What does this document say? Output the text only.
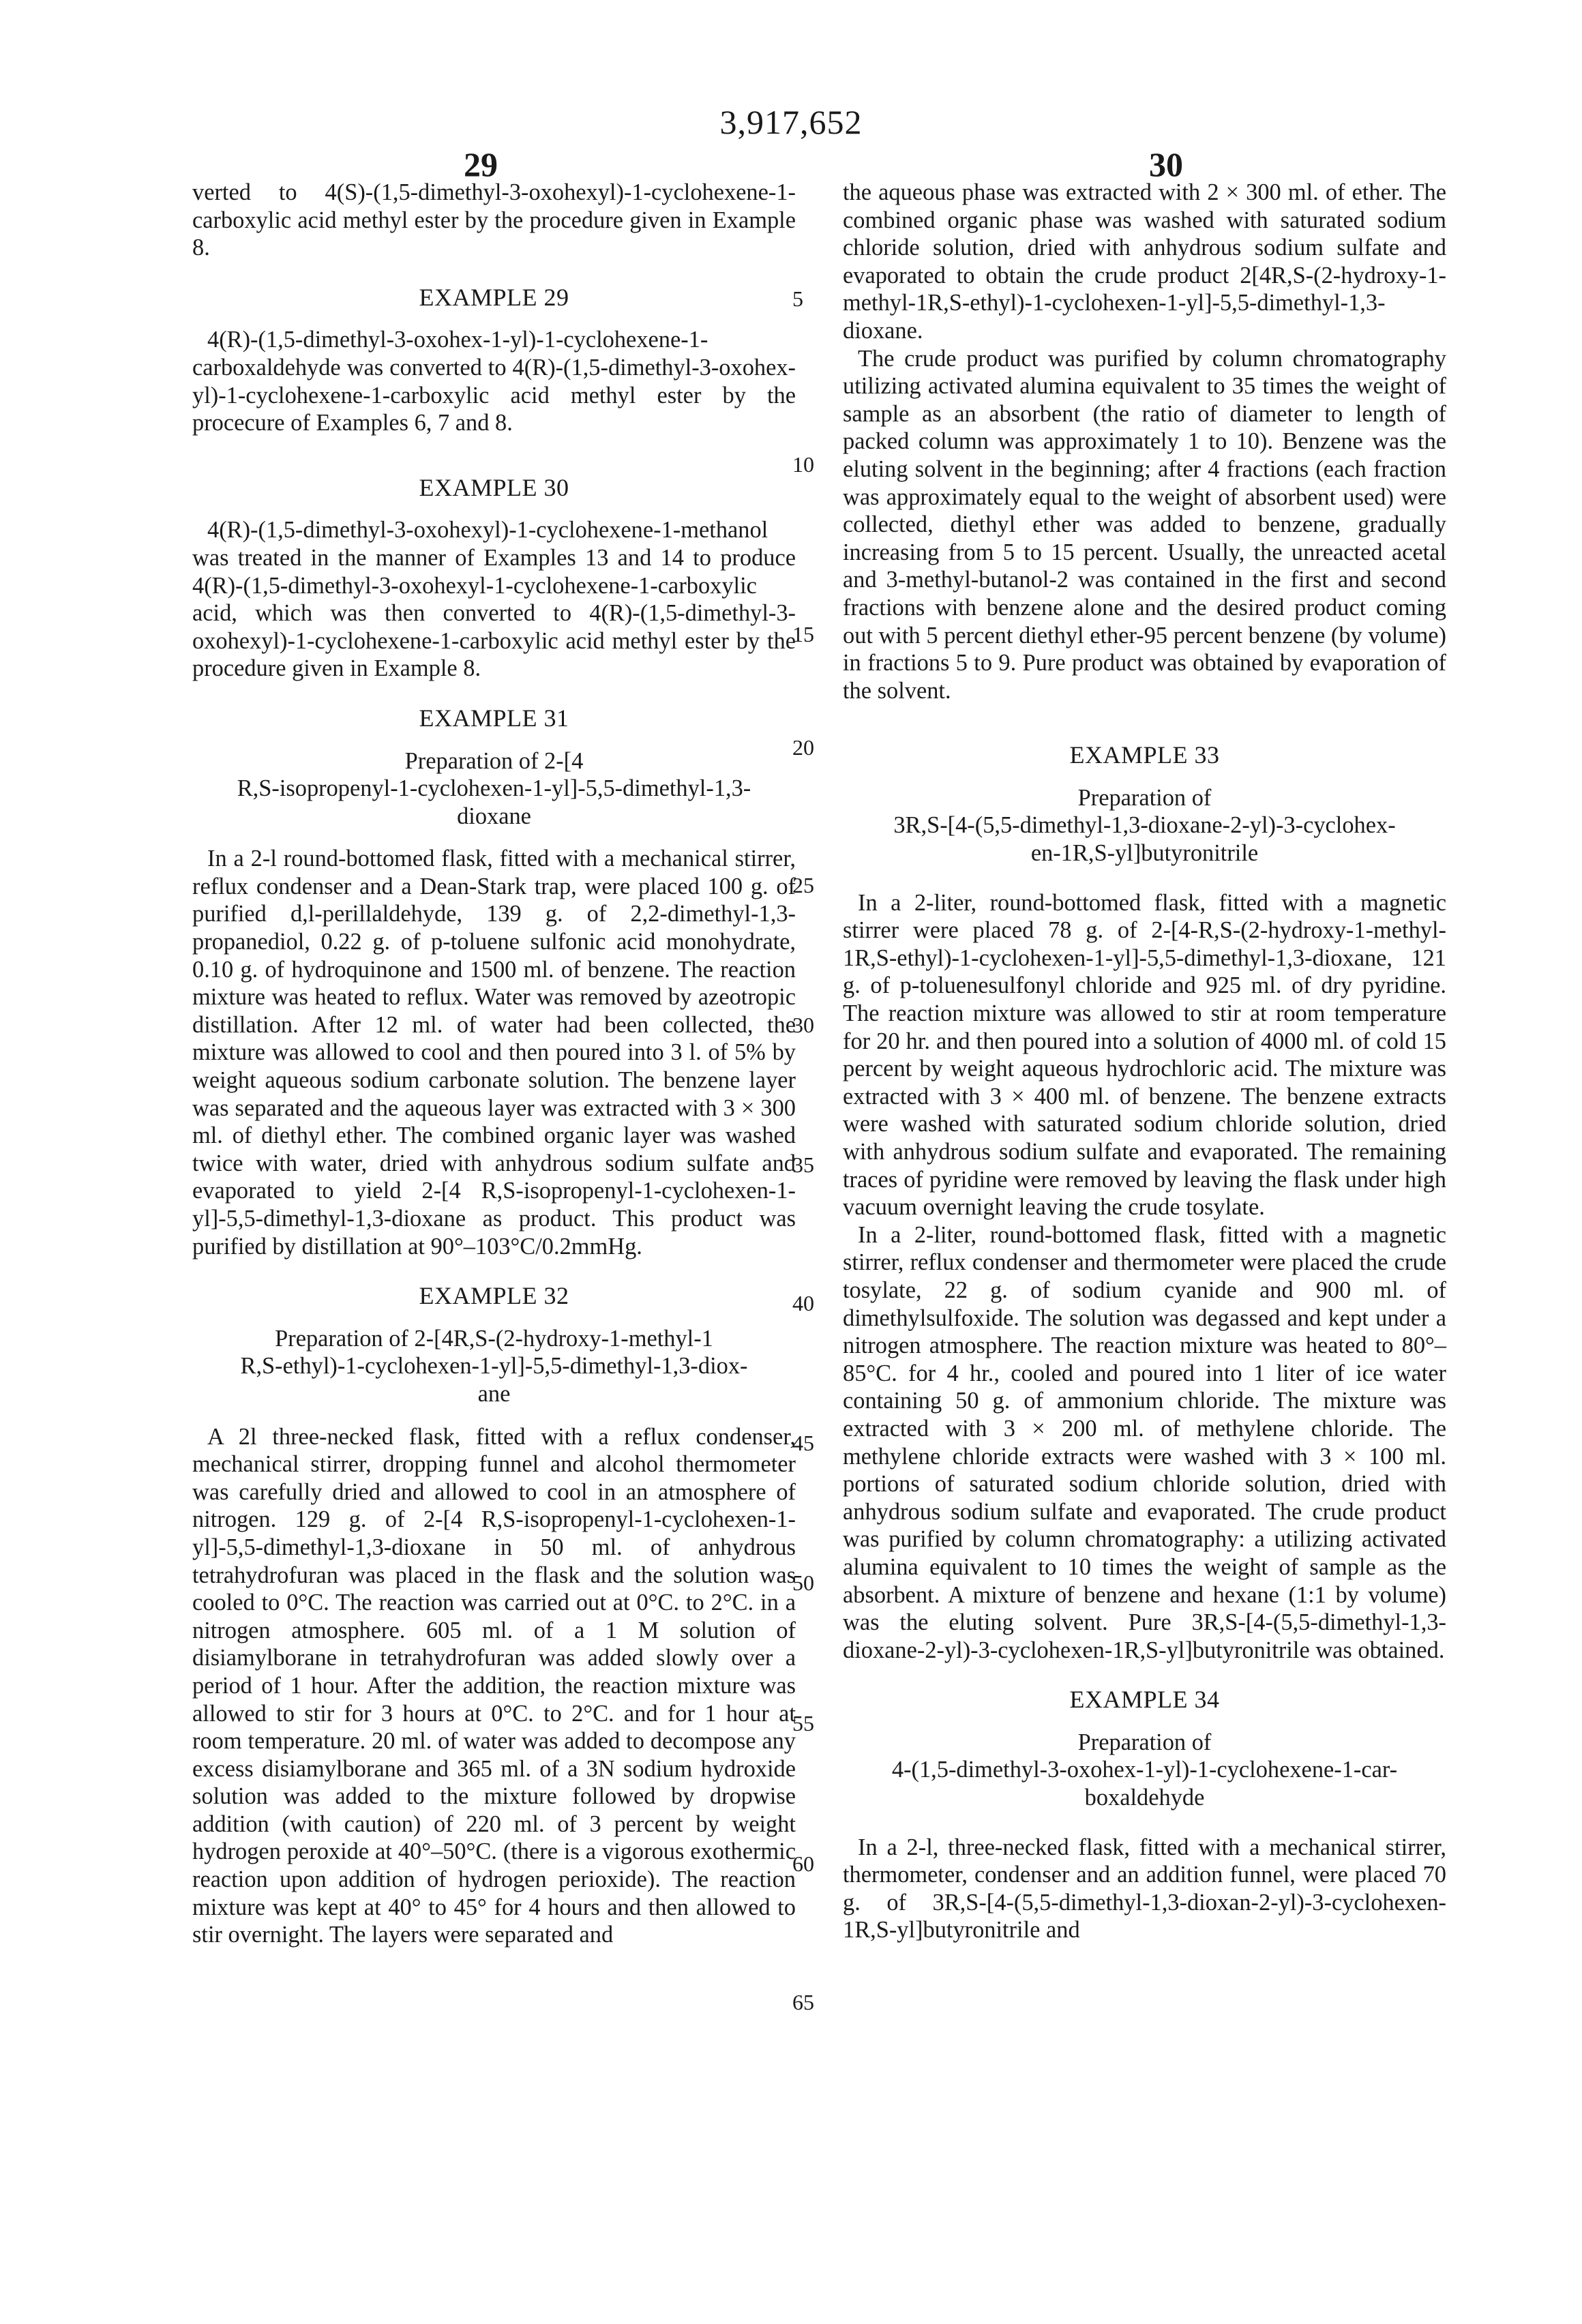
3,917,652
29	30

verted to 4(S)-(1,5-dimethyl-3-oxohexyl)-1-cyclohexene-1-carboxylic acid methyl ester by the procedure given in Example 8.

EXAMPLE 29

4(R)-(1,5-dimethyl-3-oxohex-1-yl)-1-cyclohexene-1-carboxaldehyde was converted to 4(R)-(1,5-dimethyl-3-oxohex-yl)-1-cyclohexene-1-carboxylic acid methyl ester by the procecure of Examples 6, 7 and 8.

EXAMPLE 30

4(R)-(1,5-dimethyl-3-oxohexyl)-1-cyclohexene-1-methanol was treated in the manner of Examples 13 and 14 to produce 4(R)-(1,5-dimethyl-3-oxohexyl-1-cyclohexene-1-carboxylic acid, which was then converted to 4(R)-(1,5-dimethyl-3-oxohexyl)-1-cyclohexene-1-carboxylic acid methyl ester by the procedure given in Example 8.

EXAMPLE 31

Preparation of 2-[4

R,S-isopropenyl-1-cyclohexen-1-yl]-5,5-dimethyl-1,3-

dioxane

In a 2-l round-bottomed flask, fitted with a mechanical stirrer, reflux condenser and a Dean-Stark trap, were placed 100 g. of purified d,l-perillaldehyde, 139 g. of 2,2-dimethyl-1,3-propanediol, 0.22 g. of p-toluene sulfonic acid monohydrate, 0.10 g. of hydroquinone and 1500 ml. of benzene. The reaction mixture was heated to reflux. Water was removed by azeotropic distillation. After 12 ml. of water had been collected, the mixture was allowed to cool and then poured into 3 l. of 5% by weight aqueous sodium carbonate solution. The benzene layer was separated and the aqueous layer was extracted with 3 × 300 ml. of diethyl ether. The combined organic layer was washed twice with water, dried with anhydrous sodium sulfate and evaporated to yield 2-[4 R,S-isopropenyl-1-cyclohexen-1-yl]-5,5-dimethyl-1,3-dioxane as product. This product was purified by distillation at 90°–103°C/0.2mmHg.

EXAMPLE 32

Preparation of 2-[4R,S-(2-hydroxy-1-methyl-1

R,S-ethyl)-1-cyclohexen-1-yl]-5,5-dimethyl-1,3-diox-

ane

A 2l three-necked flask, fitted with a reflux condenser, mechanical stirrer, dropping funnel and alcohol thermometer was carefully dried and allowed to cool in an atmosphere of nitrogen. 129 g. of 2-[4 R,S-isopropenyl-1-cyclohexen-1-yl]-5,5-dimethyl-1,3-dioxane in 50 ml. of anhydrous tetrahydrofuran was placed in the flask and the solution was cooled to 0°C. The reaction was carried out at 0°C. to 2°C. in a nitrogen atmosphere. 605 ml. of a 1 M solution of disiamylborane in tetrahydrofuran was added slowly over a period of 1 hour. After the addition, the reaction mixture was allowed to stir for 3 hours at 0°C. to 2°C. and for 1 hour at room temperature. 20 ml. of water was added to decompose any excess disiamylborane and 365 ml. of a 3N sodium hydroxide solution was added to the mixture followed by dropwise addition (with caution) of 220 ml. of 3 percent by weight hydrogen peroxide at 40°–50°C. (there is a vigorous exothermic reaction upon addition of hydrogen perioxide). The reaction mixture was kept at 40° to 45° for 4 hours and then allowed to stir overnight. The layers were separated and

the aqueous phase was extracted with 2 × 300 ml. of ether. The combined organic phase was washed with saturated sodium chloride solution, dried with anhydrous sodium sulfate and evaporated to obtain the crude product 2[4R,S-(2-hydroxy-1-methyl-1R,S-ethyl)-1-cyclohexen-1-yl]-5,5-dimethyl-1,3-dioxane.

The crude product was purified by column chromatography utilizing activated alumina equivalent to 35 times the weight of sample as an absorbent (the ratio of diameter to length of packed column was approximately 1 to 10). Benzene was the eluting solvent in the beginning; after 4 fractions (each fraction was approximately equal to the weight of absorbent used) were collected, diethyl ether was added to benzene, gradually increasing from 5 to 15 percent. Usually, the unreacted acetal and 3-methyl-butanol-2 was contained in the first and second fractions with benzene alone and the desired product coming out with 5 percent diethyl ether-95 percent benzene (by volume) in fractions 5 to 9. Pure product was obtained by evaporation of the solvent.

EXAMPLE 33

Preparation of

3R,S-[4-(5,5-dimethyl-1,3-dioxane-2-yl)-3-cyclohex-

en-1R,S-yl]butyronitrile

In a 2-liter, round-bottomed flask, fitted with a magnetic stirrer were placed 78 g. of 2-[4-R,S-(2-hydroxy-1-methyl-1R,S-ethyl)-1-cyclohexen-1-yl]-5,5-dimethyl-1,3-dioxane, 121 g. of p-toluenesulfonyl chloride and 925 ml. of dry pyridine. The reaction mixture was allowed to stir at room temperature for 20 hr. and then poured into a solution of 4000 ml. of cold 15 percent by weight aqueous hydrochloric acid. The mixture was extracted with 3 × 400 ml. of benzene. The benzene extracts were washed with saturated sodium chloride solution, dried with anhydrous sodium sulfate and evaporated. The remaining traces of pyridine were removed by leaving the flask under high vacuum overnight leaving the crude tosylate.

In a 2-liter, round-bottomed flask, fitted with a magnetic stirrer, reflux condenser and thermometer were placed the crude tosylate, 22 g. of sodium cyanide and 900 ml. of dimethylsulfoxide. The solution was degassed and kept under a nitrogen atmosphere. The reaction mixture was heated to 80°–85°C. for 4 hr., cooled and poured into 1 liter of ice water containing 50 g. of ammonium chloride. The mixture was extracted with 3 × 200 ml. of methylene chloride. The methylene chloride extracts were washed with 3 × 100 ml. portions of saturated sodium chloride solution, dried with anhydrous sodium sulfate and evaporated. The crude product was purified by column chromatography: a utilizing activated alumina equivalent to 10 times the weight of sample as the absorbent. A mixture of benzene and hexane (1:1 by volume) was the eluting solvent. Pure 3R,S-[4-(5,5-dimethyl-1,3-dioxane-2-yl)-3-cyclohexen-1R,S-yl]butyronitrile was obtained.

EXAMPLE 34

Preparation of

4-(1,5-dimethyl-3-oxohex-1-yl)-1-cyclohexene-1-car-

boxaldehyde

In a 2-l, three-necked flask, fitted with a mechanical stirrer, thermometer, condenser and an addition funnel, were placed 70 g. of 3R,S-[4-(5,5-dimethyl-1,3-dioxan-2-yl)-3-cyclohexen-1R,S-yl]butyronitrile and

5
10
15
20
25
30
35
40
45
50
55
60
65
